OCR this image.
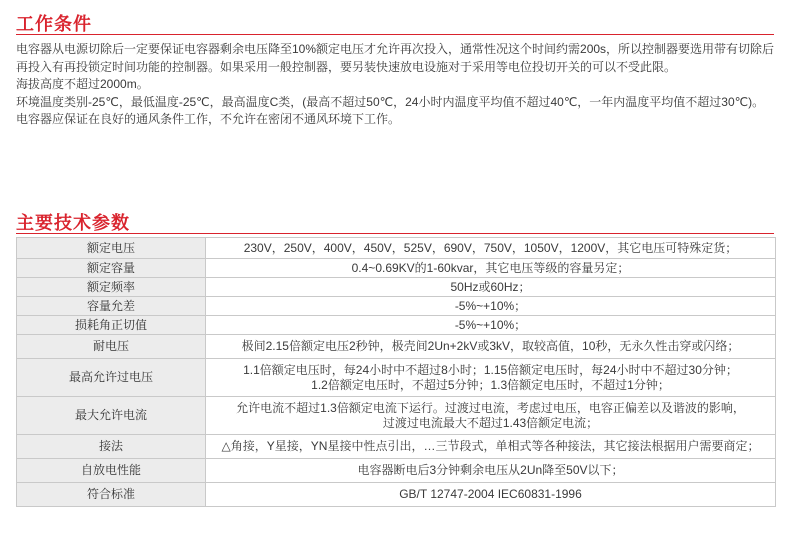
工作条件

电容器从电源切除后一定要保证电容器剩余电压降至10%额定电压才允许再次投入，通常性况这个时间约需200s，所以控制器要选用带有切除后再投入有再投锁定时间功能的控制器。如果采用一般控制器，要另装快速放电设施对于采用等电位投切开关的可以不受此限。

海拔高度不超过2000m。

环境温度类别-25℃，最低温度-25℃，最高温度C类，(最高不超过50℃，24小时内温度平均值不超过40℃，一年内温度平均值不超过30℃)。电容器应保证在良好的通风条件工作，不允许在密闭不通风环境下工作。

主要技术参数
额定电压	230V，250V，400V，450V，525V，690V，750V，1050V，1200V，其它电压可特殊定货；
额定容量	0.4~0.69KV的1-60kvar，其它电压等级的容量另定；
额定频率	50Hz或60Hz；
容量允差	-5%~+10%；
损耗角正切值	-5%~+10%；
耐电压	极间2.15倍额定电压2秒钟，极壳间2Un+2kV或3kV，取较高值，10秒，无永久性击穿或闪络；
最高允许过电压	1.1倍额定电压时，每24小时中不超过8小时；1.15倍额定电压时，每24小时中不超过30分钟；
1.2倍额定电压时，不超过5分钟；1.3倍额定电压时，不超过1分钟；

最大允许电流	允许电流不超过1.3倍额定电流下运行。过渡过电流，考虑过电压，电容正偏差以及谐波的影响，
过渡过电流最大不超过1.43倍额定电流；

接法	△角接，Y星接，YN星接中性点引出，…三节段式，单相式等各种接法，其它接法根据用户需要商定；
自放电性能	电容器断电后3分钟剩余电压从2Un降至50V以下；
符合标准	GB/T 12747-2004 IEC60831-1996
